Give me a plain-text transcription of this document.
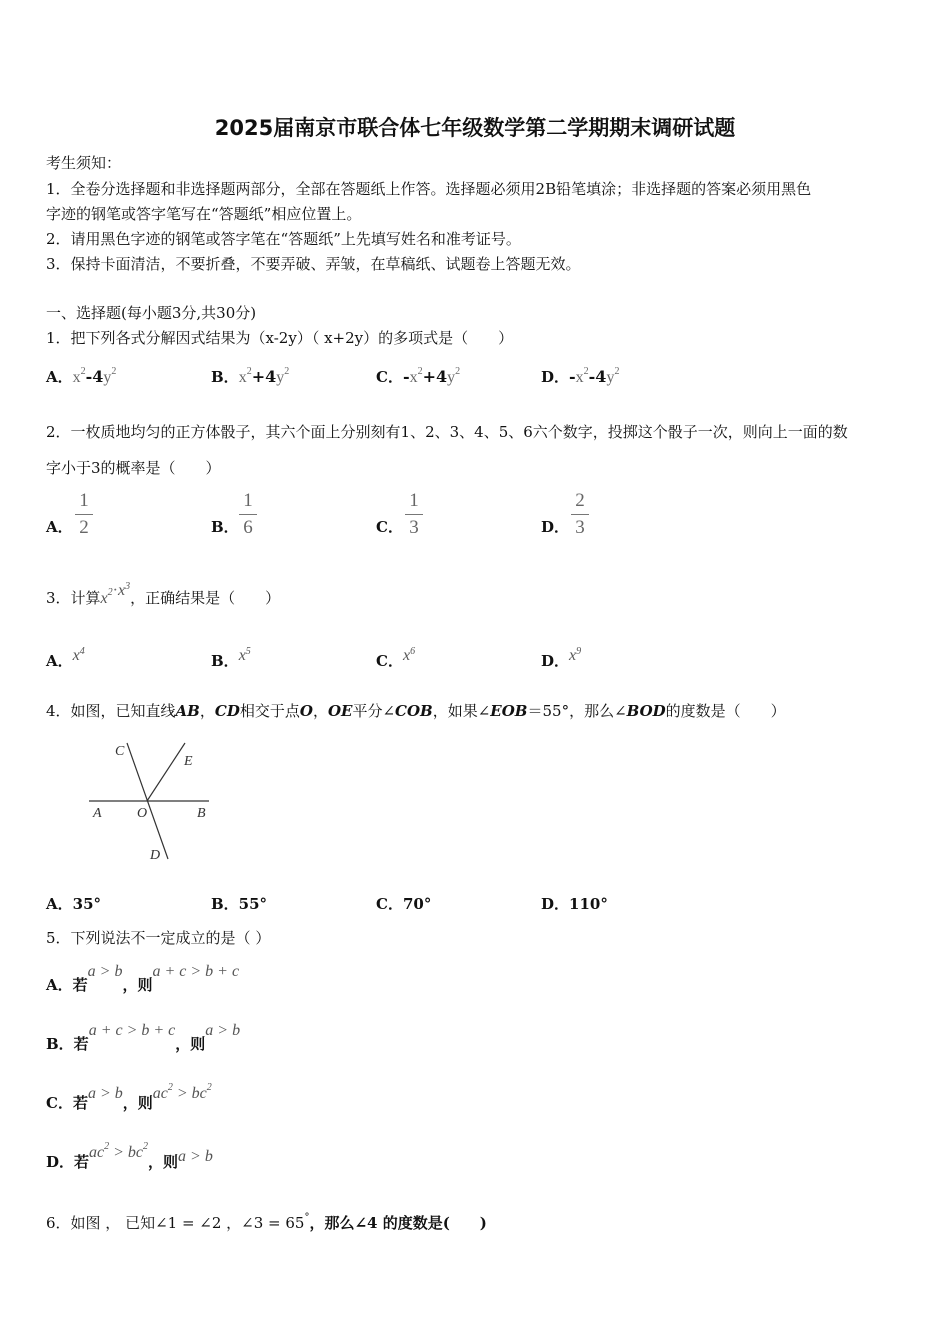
2025届南京市联合体七年级数学第二学期期末调研试题
考生须知：
1．全卷分选择题和非选择题两部分，全部在答题纸上作答。选择题必须用2B铅笔填涂；非选择题的答案必须用黑色
字迹的钢笔或答字笔写在“答题纸”相应位置上。
2．请用黑色字迹的钢笔或答字笔在“答题纸”上先填写姓名和准考证号。
3．保持卡面清洁，不要折叠，不要弄破、弄皱，在草稿纸、试题卷上答题无效。
一、选择题(每小题3分,共30分)
1．把下列各式分解因式结果为（x-2y）（ x+2y）的多项式是（　　）
A．$x^2-4y^2$	B．$x^2+4y^2$	C．$-x^2+4y^2$	D．$-x^2-4y^2$
2．一枚质地均匀的正方体骰子，其六个面上分别刻有1、2、3、4、5、6六个数字，投掷这个骰子一次，则向上一面的数
字小于3的概率是（　　）
A．
1
2	B．
1
6	C．
1
3	D．
2
3
3．计算$x^2\cdot x^3$，正确结果是（　　）
A．$x^4$
B．$x^5$
C．$x^6$
D．$x^9$
4．如图，已知直线AB，CD相交于点O，OE平分∠COB，如果∠EOB＝55°，那么∠BOD的度数是（　　）
C
E
A	O	B
D
A．35°	B．55°	C．70°	D．110°
5．下列说法不一定成立的是（ ）
A．若a > b，则a + c > b + c
B．若a + c > b + c，则a > b
C．若a > b，则$ac^2 > bc^2$
D．若$ac^2 > bc^2$，则a > b
6．如图 ， 已知∠1 = ∠2 ，∠3 = 65°，那么∠4 的度数是(　　)
